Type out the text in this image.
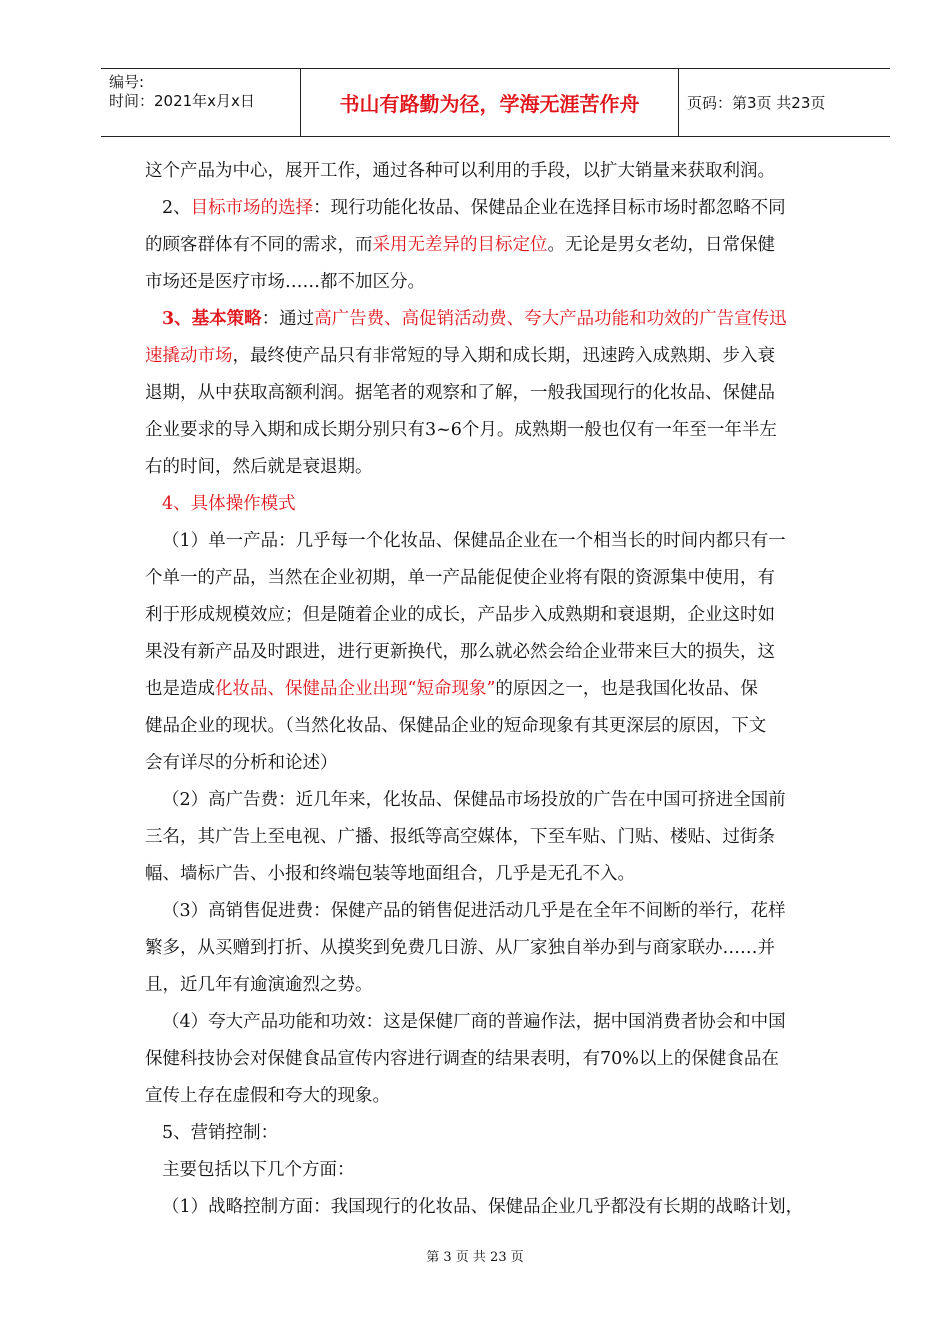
编号:
时间：2021年x月x日	书山有路勤为径，学海无涯苦作舟	页码：第3页 共23页

这个产品为中心，展开工作，通过各种可以利用的手段，以扩大销量来获取利润。

2、目标市场的选择：现行功能化妆品、保健品企业在选择目标市场时都忽略不同

的顾客群体有不同的需求，而采用无差异的目标定位。无论是男女老幼，日常保健

市场还是医疗市场……都不加区分。

3、基本策略：通过高广告费、高促销活动费、夸大产品功能和功效的广告宣传迅

速撬动市场，最终使产品只有非常短的导入期和成长期，迅速跨入成熟期、步入衰

退期，从中获取高额利润。据笔者的观察和了解，一般我国现行的化妆品、保健品

企业要求的导入期和成长期分别只有3~6个月。成熟期一般也仅有一年至一年半左

右的时间，然后就是衰退期。

4、具体操作模式

（1）单一产品：几乎每一个化妆品、保健品企业在一个相当长的时间内都只有一

个单一的产品，当然在企业初期，单一产品能促使企业将有限的资源集中使用，有

利于形成规模效应；但是随着企业的成长，产品步入成熟期和衰退期，企业这时如

果没有新产品及时跟进，进行更新换代，那么就必然会给企业带来巨大的损失，这

也是造成化妆品、保健品企业出现“短命现象”的原因之一，也是我国化妆品、保

健品企业的现状。（当然化妆品、保健品企业的短命现象有其更深层的原因，下文

会有详尽的分析和论述）

（2）高广告费：近几年来，化妆品、保健品市场投放的广告在中国可挤进全国前

三名，其广告上至电视、广播、报纸等高空媒体，下至车贴、门贴、楼贴、过街条

幅、墙标广告、小报和终端包装等地面组合，几乎是无孔不入。

（3）高销售促进费：保健产品的销售促进活动几乎是在全年不间断的举行，花样

繁多，从买赠到打折、从摸奖到免费几日游、从厂家独自举办到与商家联办……并

且，近几年有逾演逾烈之势。

（4）夸大产品功能和功效：这是保健厂商的普遍作法，据中国消费者协会和中国

保健科技协会对保健食品宣传内容进行调查的结果表明，有70%以上的保健食品在

宣传上存在虚假和夸大的现象。

5、营销控制：

主要包括以下几个方面：

（1）战略控制方面：我国现行的化妆品、保健品企业几乎都没有长期的战略计划，

第 3 页 共 23 页
